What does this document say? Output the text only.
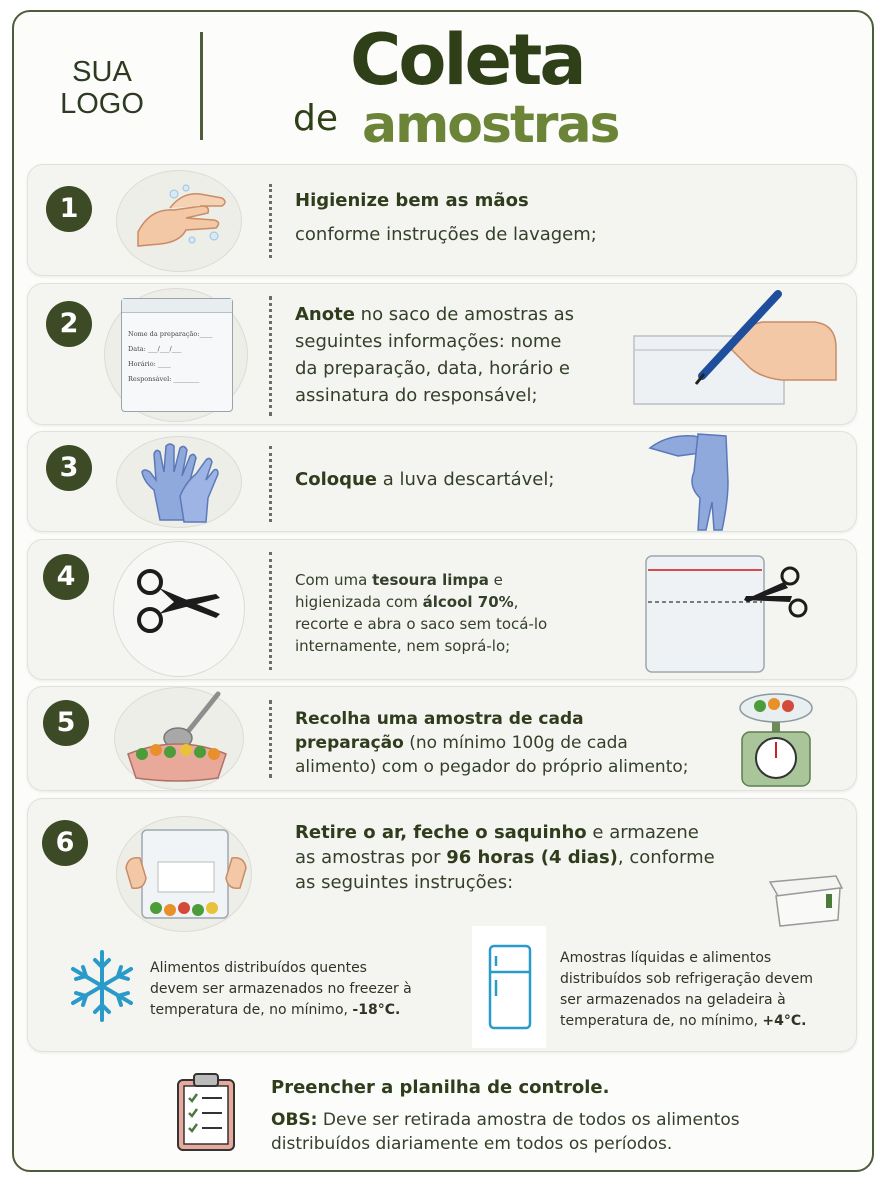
SUA
LOGO
Coleta
de amostras
1	Higienize bem as mãos
conforme instruções de lavagem;
2	Nome da preparação:____
Data: ___/___/___
Horário: ____
Responsável: ________
Anote no saco de amostras as
seguintes informações: nome
da preparação, data, horário e
assinatura do responsável;
3	Coloque a luva descartável;
4	Com uma tesoura limpa e
higienizada com álcool 70%,
recorte e abra o saco sem tocá-lo
internamente, nem soprá-lo;
5	Recolha uma amostra de cada
preparação (no mínimo 100g de cada
alimento) com o pegador do próprio alimento;
6	Retire o ar, feche o saquinho e armazene
as amostras por 96 horas (4 dias), conforme
as seguintes instruções:
Alimentos distribuídos quentes
devem ser armazenados no freezer à
temperatura de, no mínimo, -18°C.
Amostras líquidas e alimentos
distribuídos sob refrigeração devem
ser armazenados na geladeira à
temperatura de, no mínimo, +4°C.
Preencher a planilha de controle.
OBS: Deve ser retirada amostra de todos os alimentos
distribuídos diariamente em todos os períodos.
